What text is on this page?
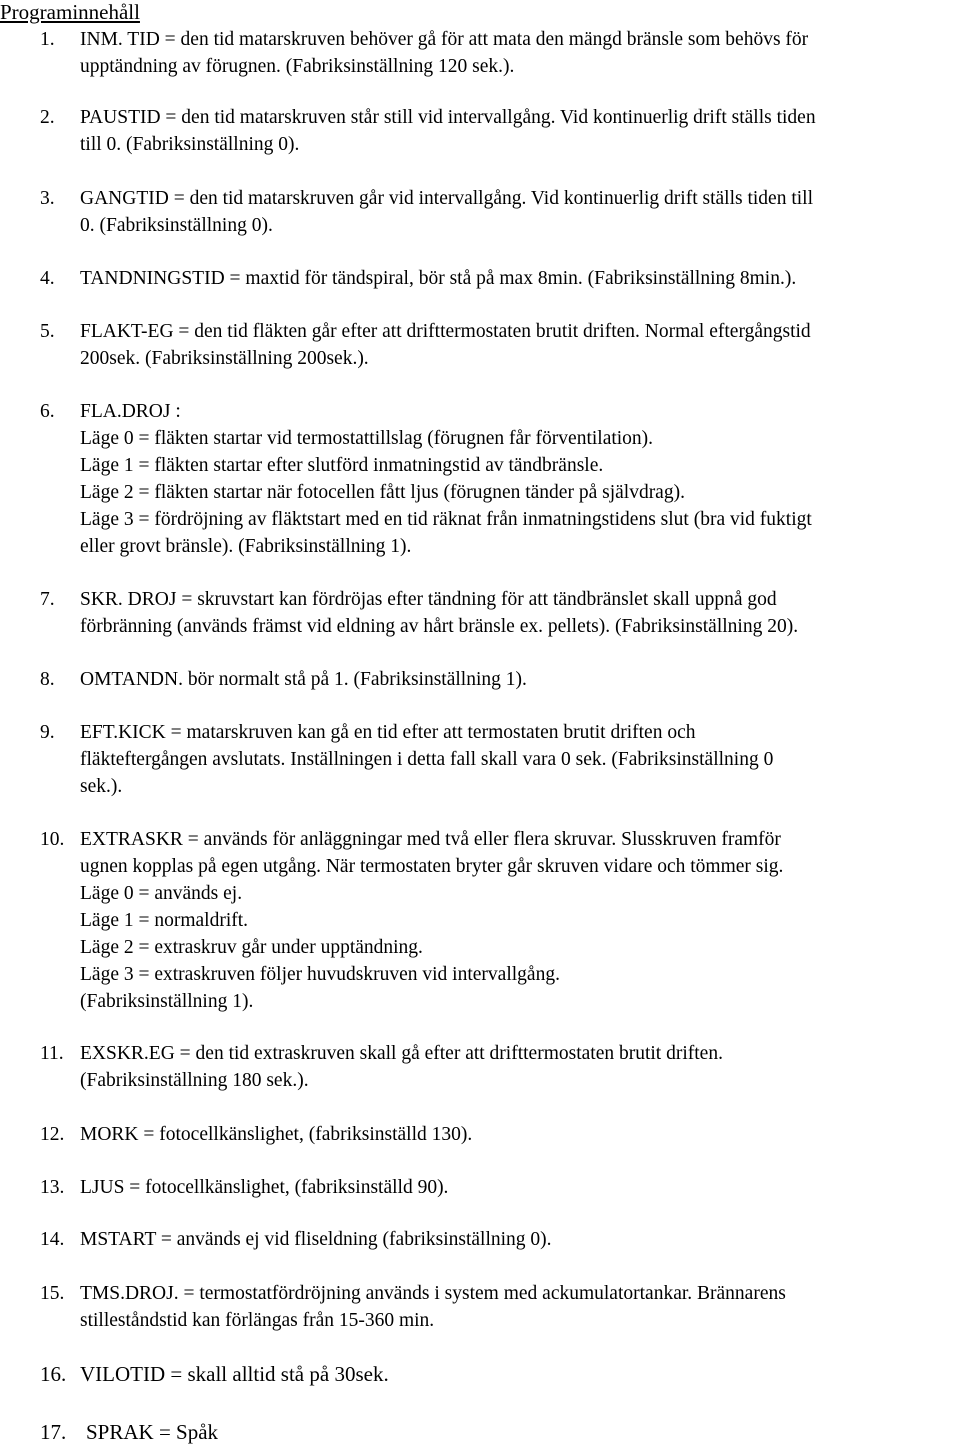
Programinnehåll
1. INM. TID = den tid matarskruven behöver gå för att mata den mängd bränsle som behövs för
upptändning av förugnen. (Fabriksinställning 120 sek.).
2. PAUSTID = den tid matarskruven står still vid intervallgång. Vid kontinuerlig drift ställs tiden
till 0. (Fabriksinställning 0).
3. GANGTID = den tid matarskruven går vid intervallgång. Vid kontinuerlig drift ställs tiden till
0. (Fabriksinställning 0).
4. TANDNINGSTID = maxtid för tändspiral, bör stå på max 8min. (Fabriksinställning 8min.).
5. FLAKT-EG = den tid fläkten går efter att drifttermostaten brutit driften. Normal eftergångstid
200sek. (Fabriksinställning 200sek.).
6. FLA.DROJ :
Läge 0 = fläkten startar vid termostattillslag (förugnen får förventilation).
Läge 1 = fläkten startar efter slutförd inmatningstid av tändbränsle.
Läge 2 = fläkten startar när fotocellen fått ljus (förugnen tänder på självdrag).
Läge 3 = fördröjning av fläktstart med en tid räknat från inmatningstidens slut (bra vid fuktigt
eller grovt bränsle). (Fabriksinställning 1).
7. SKR. DROJ = skruvstart kan fördröjas efter tändning för att tändbränslet skall uppnå god
förbränning (används främst vid eldning av hårt bränsle ex. pellets). (Fabriksinställning 20).
8. OMTANDN. bör normalt stå på 1. (Fabriksinställning 1).
9. EFT.KICK = matarskruven kan gå en tid efter att termostaten brutit driften och
fläkteftergången avslutats. Inställningen i detta fall skall vara 0 sek. (Fabriksinställning 0
sek.).
10. EXTRASKR = används för anläggningar med två eller flera skruvar. Slusskruven framför
ugnen kopplas på egen utgång. När termostaten bryter går skruven vidare och tömmer sig.
Läge 0 = används ej.
Läge 1 = normaldrift.
Läge 2 = extraskruv går under upptändning.
Läge 3 = extraskruven följer huvudskruven vid intervallgång.
(Fabriksinställning 1).
11. EXSKR.EG = den tid extraskruven skall gå efter att drifttermostaten brutit driften.
(Fabriksinställning 180 sek.).
12. MORK = fotocellkänslighet, (fabriksinställd 130).
13. LJUS = fotocellkänslighet, (fabriksinställd 90).
14. MSTART = används ej vid fliseldning (fabriksinställning 0).
15. TMS.DROJ. = termostatfördröjning används i system med ackumulatortankar. Brännarens
stilleståndstid kan förlängas från 15-360 min.
16. VILOTID = skall alltid stå på 30sek.
17. SPRAK = Spåk
